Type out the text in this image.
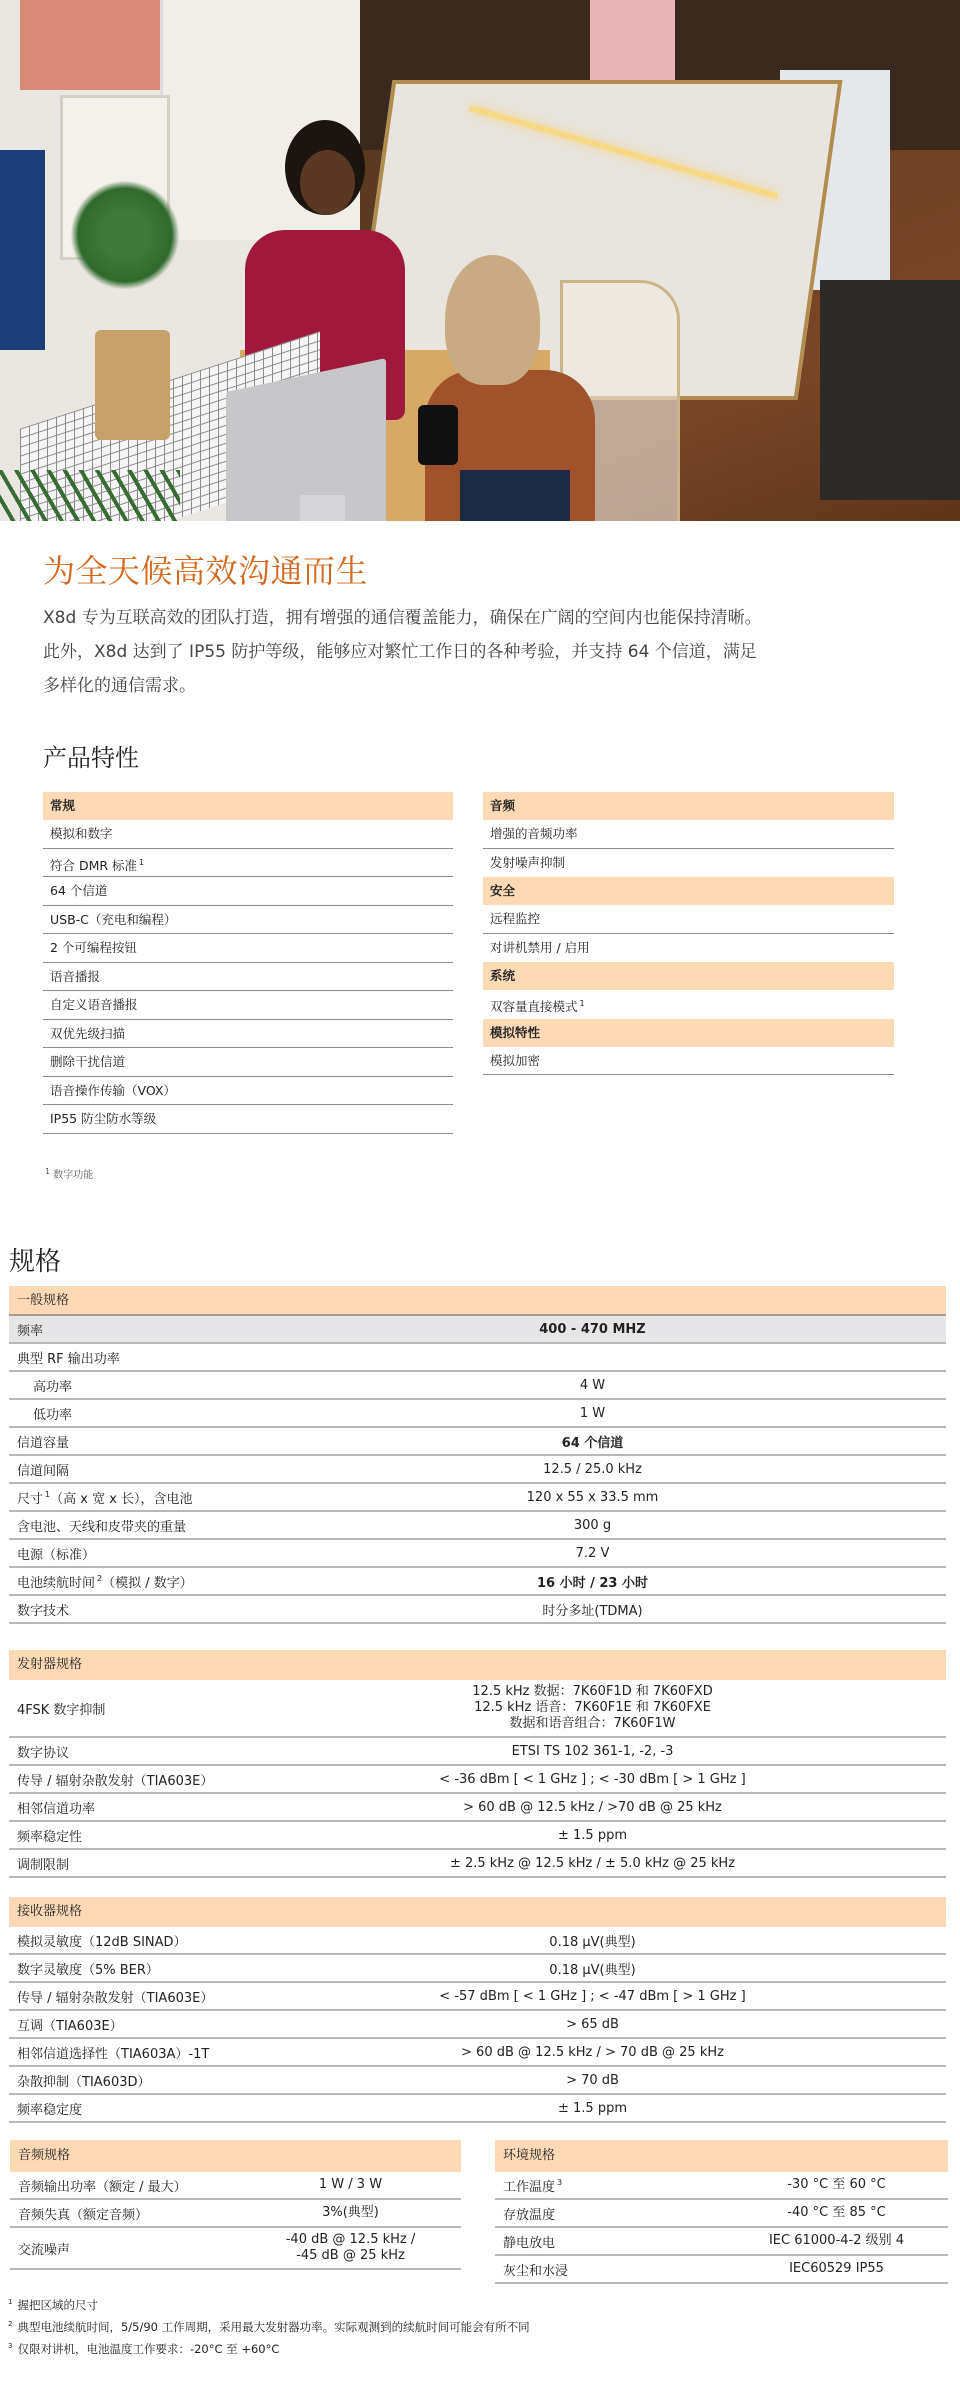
为全天候高效沟通而生

X8d 专为互联高效的团队打造，拥有增强的通信覆盖能力，确保在广阔的空间内也能保持清晰。此外，X8d 达到了 IP55 防护等级，能够应对繁忙工作日的各种考验，并支持 64 个信道，满足多样化的通信需求。

产品特性
常规
模拟和数字
符合 DMR 标准 $^1$
64 个信道
USB-C（充电和编程）
2 个可编程按钮
语音播报
自定义语音播报
双优先级扫描
删除干扰信道
语音操作传输（VOX）
IP55 防尘防水等级
音频
增强的音频功率
发射噪声抑制
安全
远程监控
对讲机禁用 / 启用
系统
双容量直接模式 $^1$
模拟特性
模拟加密
$^1$ 数字功能
规格
一般规格
频率	400 - 470 MHZ
典型 RF 输出功率
高功率	4 W
低功率	1 W
信道容量	64 个信道
信道间隔	12.5 / 25.0 kHz
尺寸 $^1$（高 x 宽 x 长），含电池	120 x 55 x 33.5 mm
含电池、天线和皮带夹的重量	300 g
电源（标准）	7.2 V
电池续航时间 $^2$（模拟 / 数字）	16 小时 / 23 小时
数字技术	时分多址(TDMA)
发射器规格
4FSK 数字抑制
12.5 kHz 数据：7K60F1D 和 7K60FXD
12.5 kHz 语音：7K60F1E 和 7K60FXE
数据和语音组合：7K60F1W
数字协议	ETSI TS 102 361-1, -2, -3
传导 / 辐射杂散发射（TIA603E）	< -36 dBm [ < 1 GHz ] ; < -30 dBm [ > 1 GHz ]
相邻信道功率	> 60 dB @ 12.5 kHz / >70 dB @ 25 kHz
频率稳定性	± 1.5 ppm
调制限制	± 2.5 kHz @ 12.5 kHz / ± 5.0 kHz @ 25 kHz
接收器规格
模拟灵敏度（12dB SINAD）	0.18 µV(典型)
数字灵敏度（5% BER）	0.18 µV(典型)
传导 / 辐射杂散发射（TIA603E）	< -57 dBm [ < 1 GHz ] ; < -47 dBm [ > 1 GHz ]
互调（TIA603E）	> 65 dB
相邻信道选择性（TIA603A）-1T	> 60 dB @ 12.5 kHz / > 70 dB @ 25 kHz
杂散抑制（TIA603D）	> 70 dB
频率稳定度	± 1.5 ppm
音频规格
音频输出功率（额定 / 最大）	1 W / 3 W
音频失真（额定音频）	3%(典型)
交流噪声
-40 dB @ 12.5 kHz /
-45 dB @ 25 kHz
环境规格
工作温度 $^3$	-30 °C 至 60 °C
存放温度	-40 °C 至 85 °C
静电放电	IEC 61000-4-2 级别 4
灰尘和水浸	IEC60529 IP55
$^1$ 握把区域的尺寸
$^2$ 典型电池续航时间，5/5/90 工作周期，采用最大发射器功率。实际观测到的续航时间可能会有所不同
$^3$ 仅限对讲机，电池温度工作要求：-20°C 至 +60°C
